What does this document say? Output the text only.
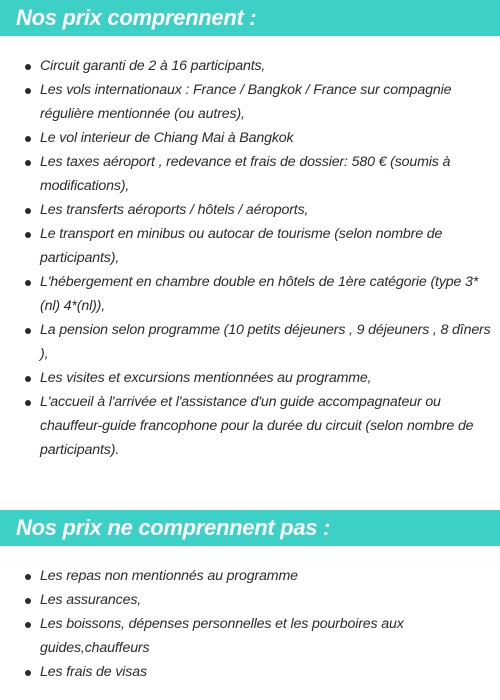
Nos prix comprennent :
Circuit garanti de 2 à 16 participants,
Les vols internationaux : France / Bangkok / France sur compagnie régulière mentionnée (ou autres),
Le vol interieur de Chiang Mai à Bangkok
Les taxes aéroport , redevance et frais de dossier: 580 € (soumis à modifications),
Les transferts aéroports / hôtels / aéroports,
Le transport en minibus ou autocar de tourisme (selon nombre de participants),
L'hébergement en chambre double en hôtels de 1ère catégorie (type 3*(nl) 4*(nl)),
La pension selon programme (10 petits déjeuners , 9 déjeuners , 8 dîners ),
Les visites et excursions mentionnées au programme,
L'accueil à l'arrivée et l'assistance d'un guide accompagnateur ou chauffeur-guide francophone pour la durée du circuit (selon nombre de participants).
Nos prix ne comprennent pas :
Les repas non mentionnés au programme
Les assurances,
Les boissons, dépenses personnelles et les pourboires aux guides,chauffeurs
Les frais de visas
